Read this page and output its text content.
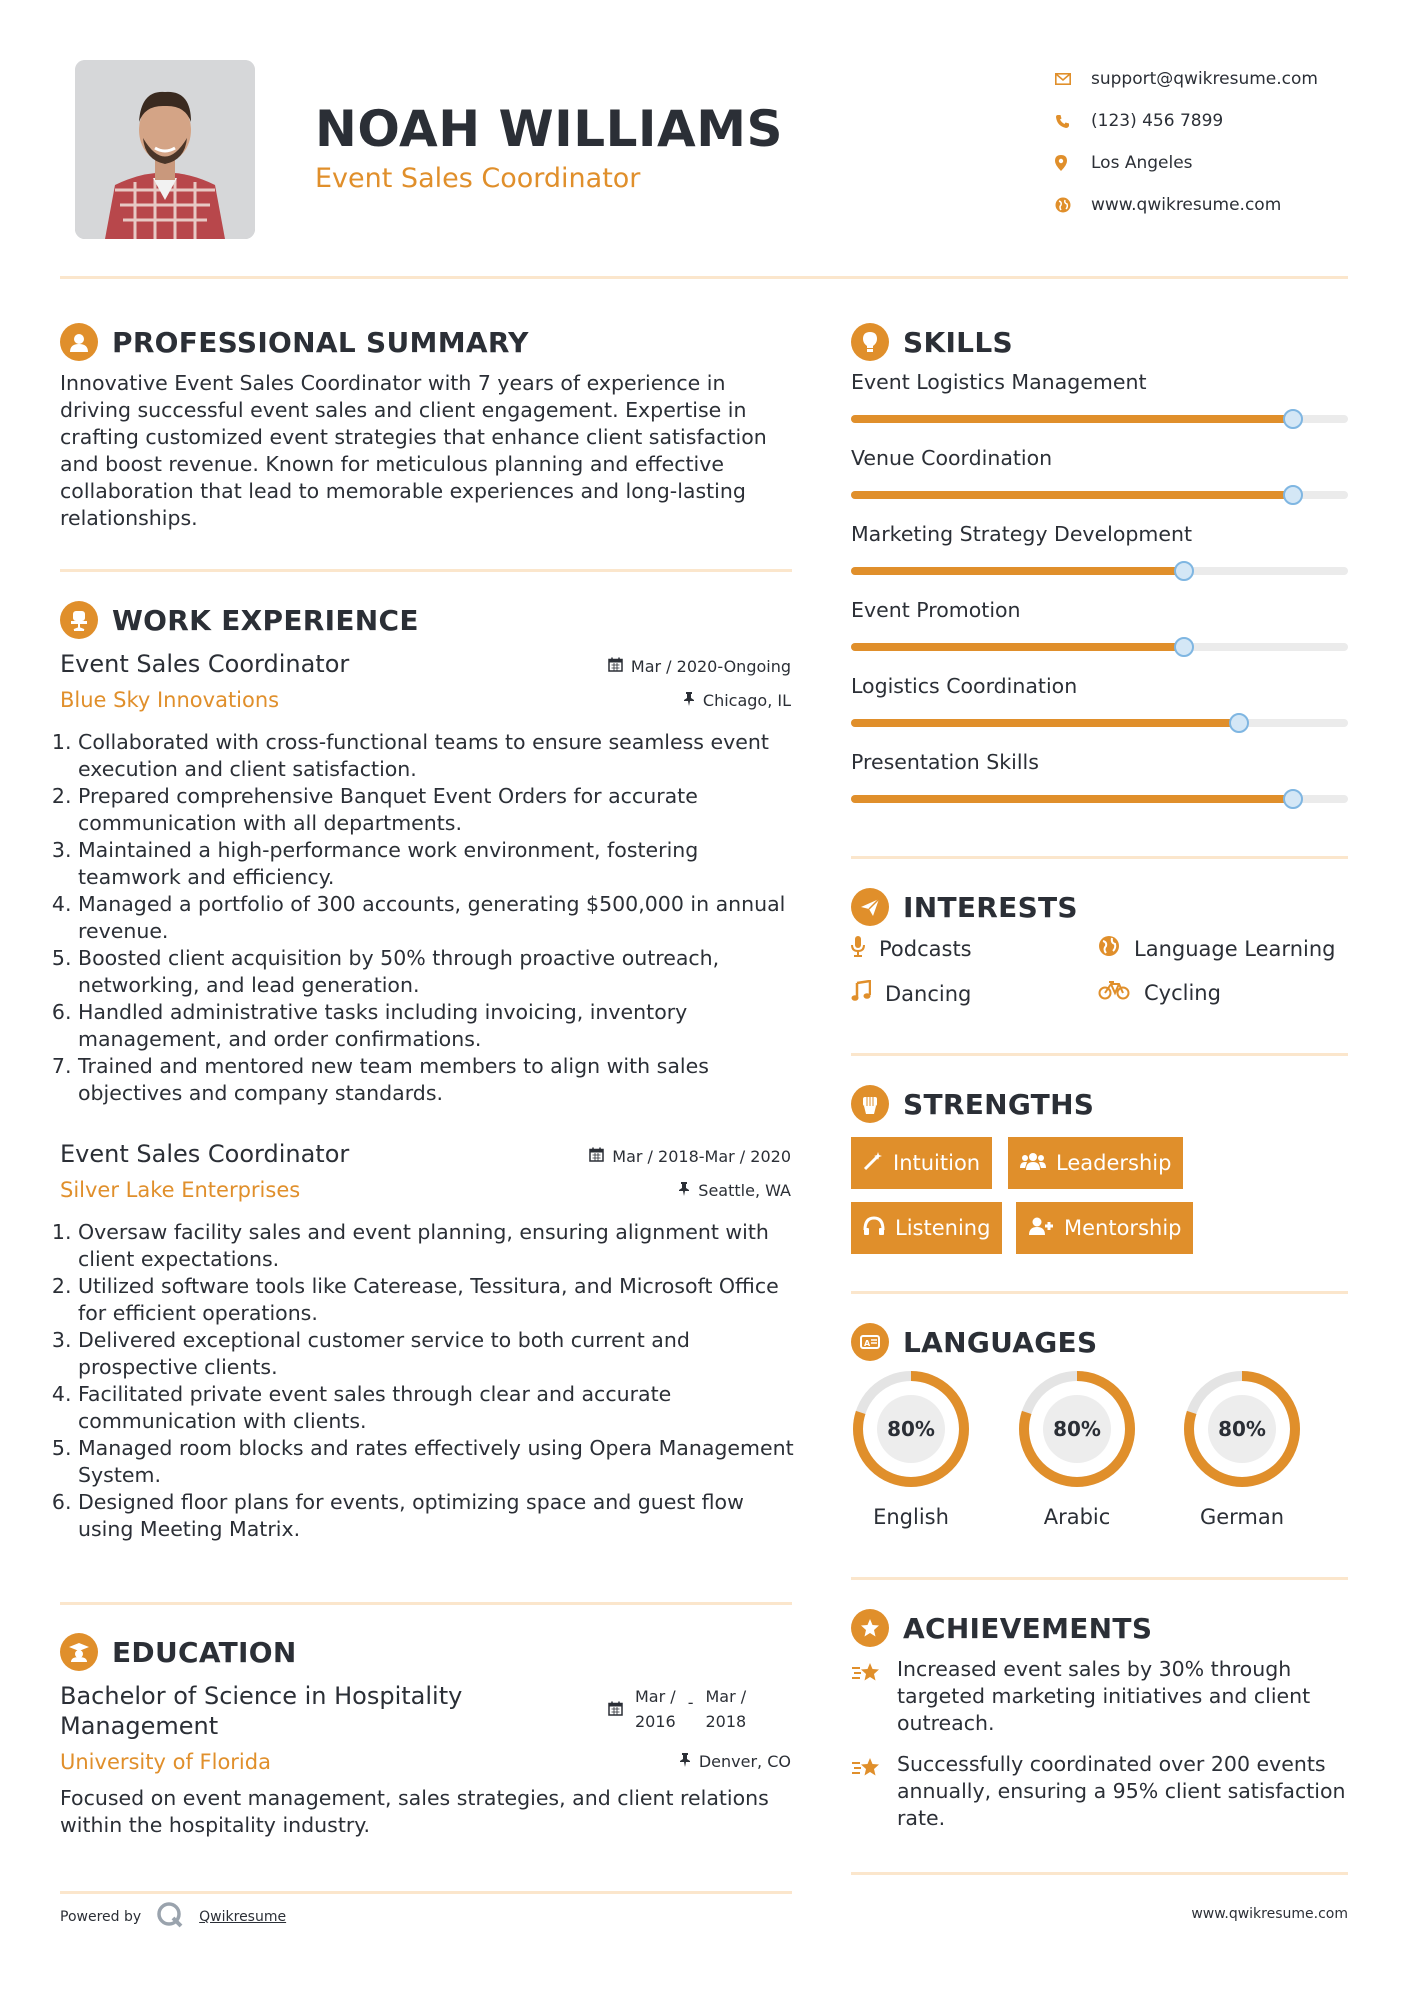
NOAH WILLIAMS
Event Sales Coordinator
support@qwikresume.com
(123) 456 7899
Los Angeles
www.qwikresume.com
PROFESSIONAL SUMMARY
Innovative Event Sales Coordinator with 7 years of experience in driving successful event sales and client engagement. Expertise in crafting customized event strategies that enhance client satisfaction and boost revenue. Known for meticulous planning and effective collaboration that lead to memorable experiences and long-lasting relationships.
WORK EXPERIENCE
Event Sales Coordinator	Mar / 2020-Ongoing
Blue Sky Innovations	Chicago, IL
1. Collaborated with cross-functional teams to ensure seamless event execution and client satisfaction.
2. Prepared comprehensive Banquet Event Orders for accurate communication with all departments.
3. Maintained a high-performance work environment, fostering teamwork and efficiency.
4. Managed a portfolio of 300 accounts, generating $500,000 in annual revenue.
5. Boosted client acquisition by 50% through proactive outreach, networking, and lead generation.
6. Handled administrative tasks including invoicing, inventory management, and order confirmations.
7. Trained and mentored new team members to align with sales objectives and company standards.
Event Sales Coordinator	Mar / 2018-Mar / 2020
Silver Lake Enterprises	Seattle, WA
1. Oversaw facility sales and event planning, ensuring alignment with client expectations.
2. Utilized software tools like Caterease, Tessitura, and Microsoft Office for efficient operations.
3. Delivered exceptional customer service to both current and prospective clients.
4. Facilitated private event sales through clear and accurate communication with clients.
5. Managed room blocks and rates effectively using Opera Management System.
6. Designed floor plans for events, optimizing space and guest flow using Meeting Matrix.
EDUCATION
Bachelor of Science in Hospitality Management
Mar /
2016
- Mar /
2018
University of Florida	Denver, CO
Focused on event management, sales strategies, and client relations within the hospitality industry.
SKILLS
Event Logistics Management
Venue Coordination
Marketing Strategy Development
Event Promotion
Logistics Coordination
Presentation Skills
INTERESTS
Podcasts	Language Learning
Dancing	Cycling
STRENGTHS
Intuition	Leadership
Listening	Mentorship
A LANGUAGES
80%
English
80%
Arabic
80%
German
ACHIEVEMENTS
Increased event sales by 30% through targeted marketing initiatives and client outreach.
Successfully coordinated over 200 events annually, ensuring a 95% client satisfaction rate.
Powered by	Qwikresume	www.qwikresume.com
